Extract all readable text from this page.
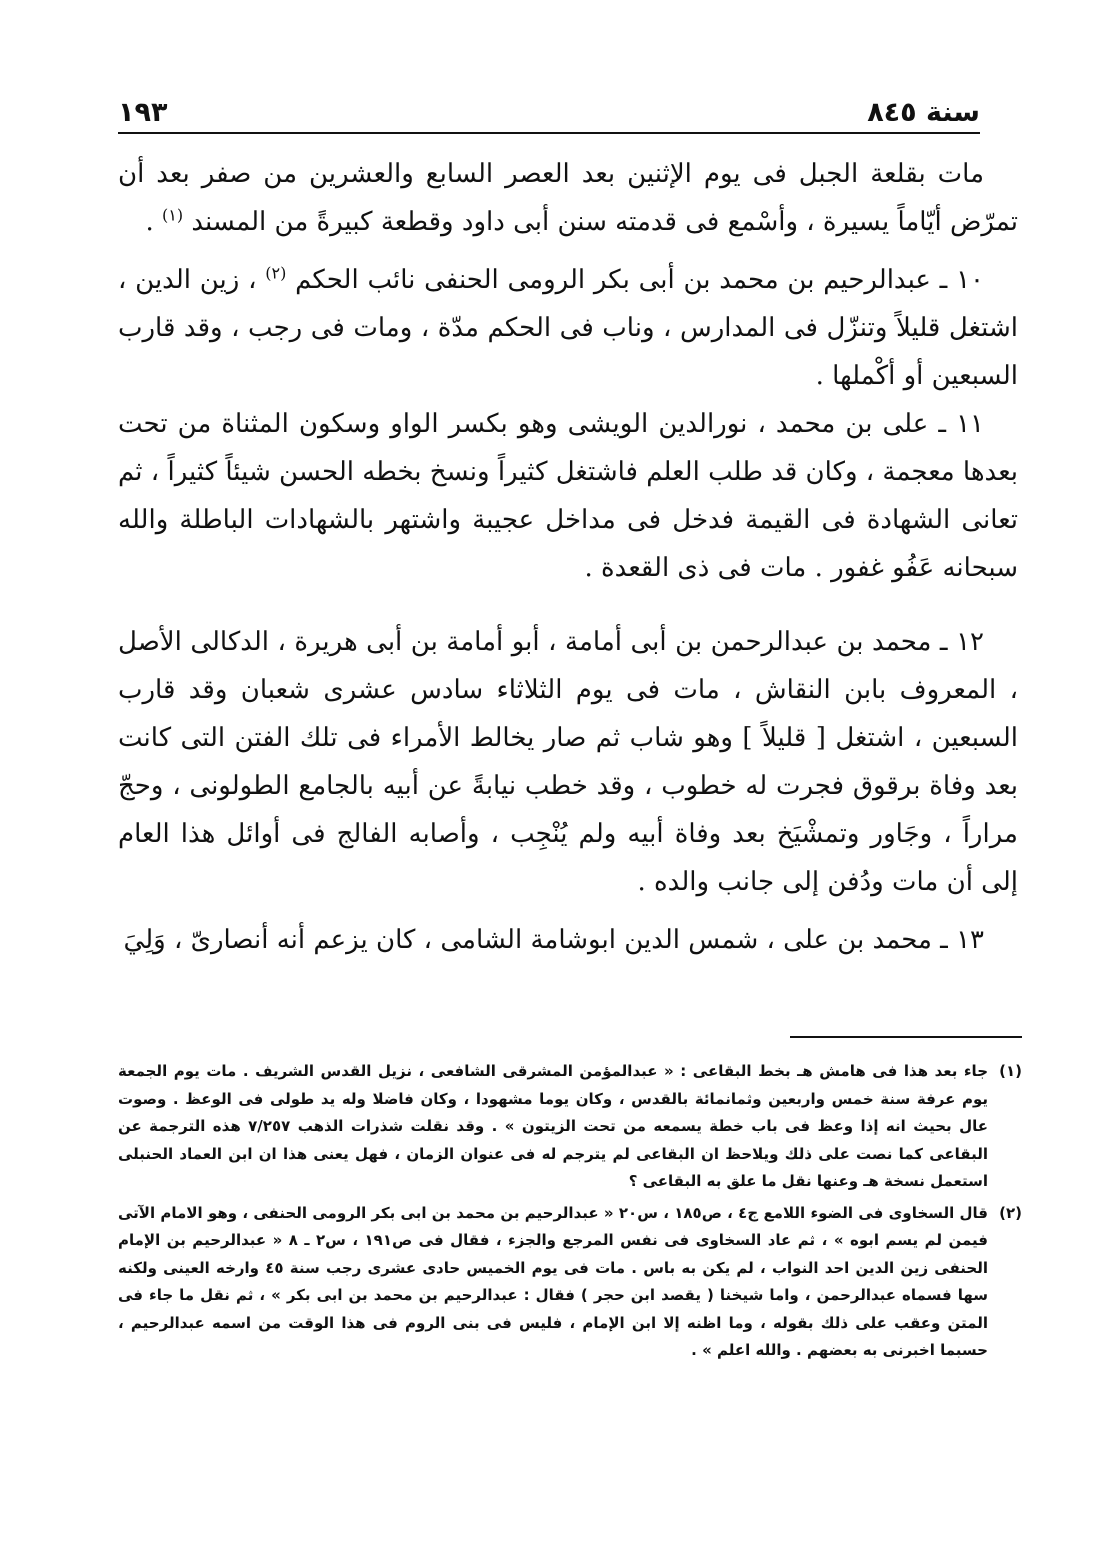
سنة ٨٤٥
١٩٣

مات بقلعة الجبل فى يوم الإثنين بعد العصر السابع والعشرين من صفر بعد أن تمرّض أيّاماً يسيرة ، وأسْمع فى قدمته سنن أبى داود وقطعة كبيرةً من المسند $^{(١)}$ .

١٠ ـ عبدالرحيم بن محمد بن أبى بكر الرومى الحنفى نائب الحكم $^{(٢)}$ ، زين الدين ، اشتغل قليلاً وتنزّل فى المدارس ، وناب فى الحكم مدّة ، ومات فى رجب ، وقد قارب السبعين أو أكْملها .

١١ ـ على بن محمد ، نورالدين الويشى وهو بكسر الواو وسكون المثناة من تحت بعدها معجمة ، وكان قد طلب العلم فاشتغل كثيراً ونسخ بخطه الحسن شيئاً كثيراً ، ثم تعانى الشهادة فى القيمة فدخل فى مداخل عجيبة واشتهر بالشهادات الباطلة والله سبحانه عَفُو غفور . مات فى ذى القعدة .

١٢ ـ محمد بن عبدالرحمن بن أبى أمامة ، أبو أمامة بن أبى هريرة ، الدكالى الأصل ، المعروف بابن النقاش ، مات فى يوم الثلاثاء سادس عشرى شعبان وقد قارب السبعين ، اشتغل [ قليلاً ] وهو شاب ثم صار يخالط الأمراء فى تلك الفتن التى كانت بعد وفاة برقوق فجرت له خطوب ، وقد خطب نيابةً عن أبيه بالجامع الطولونى ، وحجّ مراراً ، وجَاور وتمشْيَخ بعد وفاة أبيه ولم يُنْجِب ، وأصابه الفالج فى أوائل هذا العام إلى أن مات ودُفن إلى جانب والده .

١٣ ـ محمد بن على ، شمس الدين ابوشامة الشامى ، كان يزعم أنه أنصارىّ ، وَلِيَ

(١)
جاء بعد هذا فى هامش هـ بخط البقاعى : « عبدالمؤمن المشرقى الشافعى ، نزيل القدس الشريف . مات يوم الجمعة يوم عرفة سنة خمس واربعين وثمانمائة بالقدس ، وكان يوما مشهودا ، وكان فاضلا وله يد طولى فى الوعظ . وصوت عال بحيث انه إذا وعظ فى باب خطة يسمعه من تحت الزيتون » . وقد نقلت شذرات الذهب ٧/٢٥٧ هذه الترجمة عن البقاعى كما نصت على ذلك ويلاحظ ان البقاعى لم يترجم له فى عنوان الزمان ، فهل يعنى هذا ان ابن العماد الحنبلى استعمل نسخة هـ وعنها نقل ما علق به البقاعى ؟

(٢)
قال السخاوى فى الضوء اللامع ج٤ ، ص١٨٥ ، س٢٠ « عبدالرحيم بن محمد بن ابى بكر الرومى الحنفى ، وهو الامام الآتى فيمن لم يسم ابوه » ، ثم عاد السخاوى فى نفس المرجع والجزء ، فقال فى ص١٩١ ، س٢ ـ ٨ « عبدالرحيم بن الإمام الحنفى زين الدين احد النواب ، لم يكن به باس . مات فى يوم الخميس حادى عشرى رجب سنة ٤٥ وارخه العينى ولكنه سها فسماه عبدالرحمن ، واما شيخنا ( يقصد ابن حجر ) فقال : عبدالرحيم بن محمد بن ابى بكر » ، ثم نقل ما جاء فى المتن وعقب على ذلك بقوله ، وما اظنه إلا ابن الإمام ، فليس فى بنى الروم فى هذا الوقت من اسمه عبدالرحيم ، حسبما اخبرنى به بعضهم . والله اعلم » .
